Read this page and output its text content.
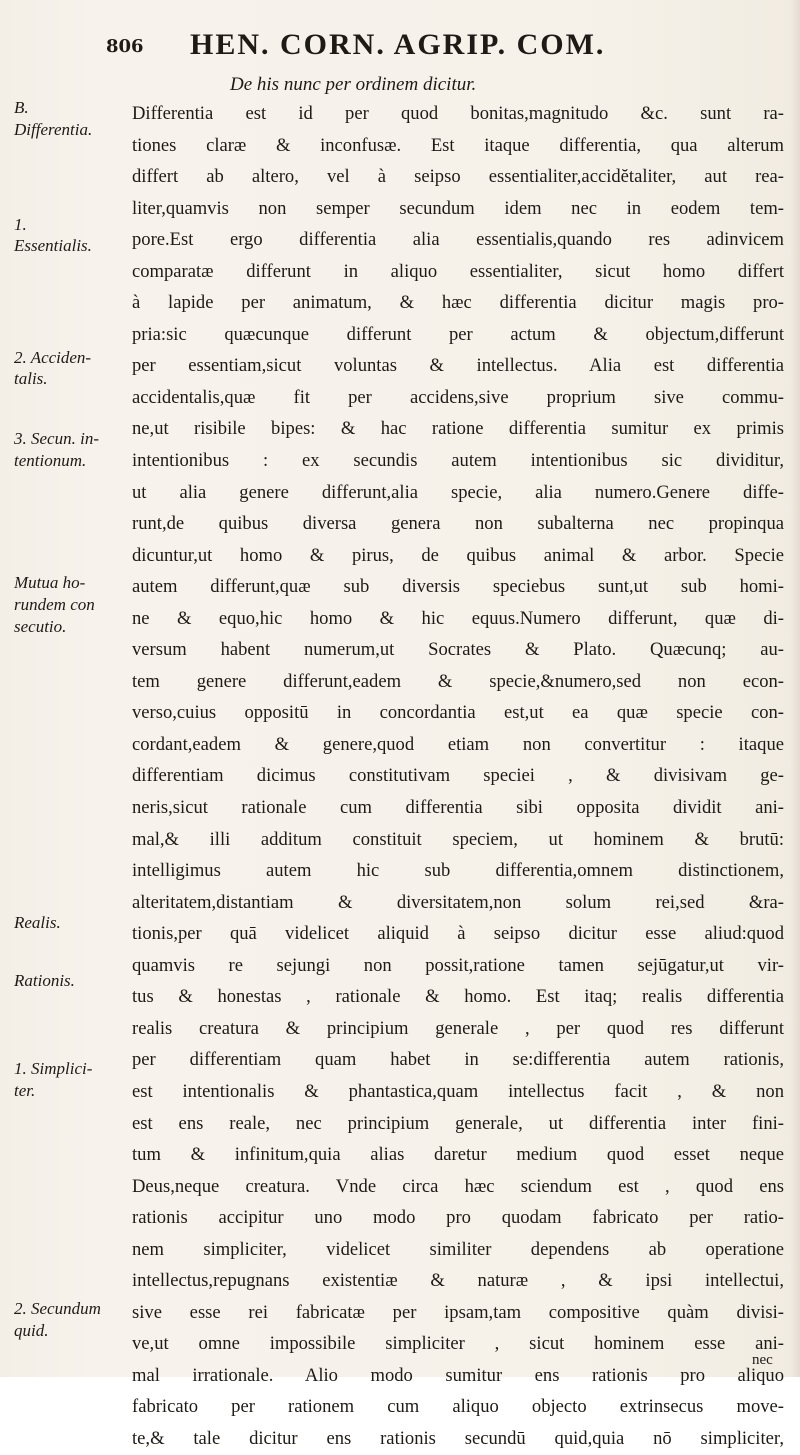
806 HEN. CORN. AGRIP. COM.
De his nunc per ordinem dicitur.
B.
Differentia.
1. Essentialis.
2. Acciden-
talis.
3. Secun. in-
tentionum.
Mutua ho-
rundem con
secutio.
Realis.
Rationis.
1. Simplici-
ter.
2. Secundum
quid.
Differentia est id per quod bonitas,magnitudo &c. sunt ra-
tiones claræ & inconfusæ. Est itaque differentia, qua alterum
differt ab altero, vel à seipso essentialiter,accidĕtaliter, aut rea-
liter,quamvis non semper secundum idem nec in eodem tem-
pore.Est ergo differentia alia essentialis,quando res adinvicem
comparatæ differunt in aliquo essentialiter, sicut homo differt
à lapide per animatum, & hæc differentia dicitur magis pro-
pria:sic quæcunque differunt per actum & objectum,differunt
per essentiam,sicut voluntas & intellectus. Alia est differentia
accidentalis,quæ fit per accidens,sive proprium sive commu-
ne,ut risibile bipes: & hac ratione differentia sumitur ex primis
intentionibus : ex secundis autem intentionibus sic dividitur,
ut alia genere differunt,alia specie, alia numero.Genere diffe-
runt,de quibus diversa genera non subalterna nec propinqua
dicuntur,ut homo & pirus, de quibus animal & arbor. Specie
autem differunt,quæ sub diversis speciebus sunt,ut sub homi-
ne & equo,hic homo & hic equus.Numero differunt, quæ di-
versum habent numerum,ut Socrates & Plato. Quæcunq; au-
tem genere differunt,eadem & specie,&numero,sed non econ-
verso,cuius oppositū in concordantia est,ut ea quæ specie con-
cordant,eadem & genere,quod etiam non convertitur : itaque
differentiam dicimus constitutivam speciei , & divisivam ge-
neris,sicut rationale cum differentia sibi opposita dividit ani-
mal,& illi additum constituit speciem, ut hominem & brutū:
intelligimus autem hic sub differentia,omnem distinctionem,
alteritatem,distantiam & diversitatem,non solum rei,sed &ra-
tionis,per quā videlicet aliquid à seipso dicitur esse aliud:quod
quamvis re sejungi non possit,ratione tamen sejūgatur,ut vir-
tus & honestas , rationale & homo. Est itaq; realis differentia
realis creatura & principium generale , per quod res differunt
per differentiam quam habet in se:differentia autem rationis,
est intentionalis & phantastica,quam intellectus facit , & non
est ens reale, nec principium generale, ut differentia inter fini-
tum & infinitum,quia alias daretur medium quod esset neque
Deus,neque creatura. Vnde circa hæc sciendum est , quod ens
rationis accipitur uno modo pro quodam fabricato per ratio-
nem simpliciter, videlicet similiter dependens ab operatione
intellectus,repugnans existentiæ & naturæ , & ipsi intellectui,
sive esse rei fabricatæ per ipsam,tam compositive quàm divisi-
ve,ut omne impossibile simpliciter , sicut hominem esse ani-
mal irrationale. Alio modo sumitur ens rationis pro aliquo
fabricato per rationem cum aliquo objecto extrinsecus move-
te,& tale dicitur ens rationis secundū quid,quia nō simpliciter,
nec
